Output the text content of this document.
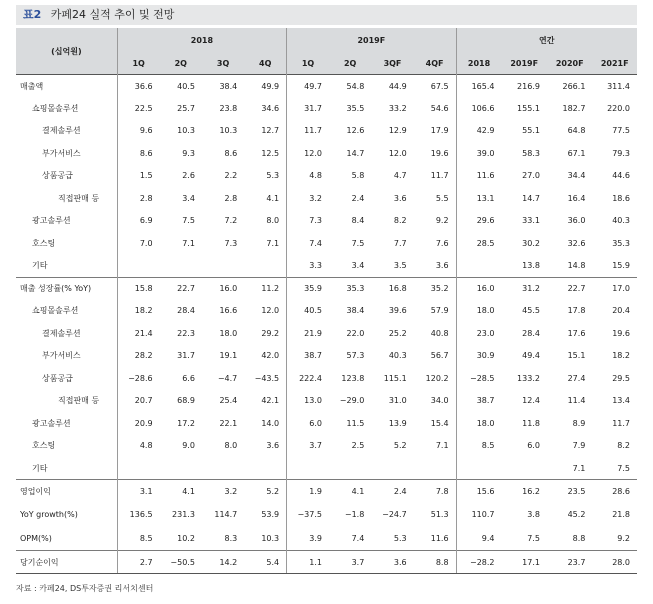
표2 카페24 실적 추이 및 전망
(십억원)	2018				2019F				연간			
	1Q	2Q	3Q	4Q	1Q	2Q	3QF	4QF	2018	2019F	2020F	2021F
매출액	36.6	40.5	38.4	49.9	49.7	54.8	44.9	67.5	165.4	216.9	266.1	311.4
쇼핑몰솔루션	22.5	25.7	23.8	34.6	31.7	35.5	33.2	54.6	106.6	155.1	182.7	220.0
결제솔루션	9.6	10.3	10.3	12.7	11.7	12.6	12.9	17.9	42.9	55.1	64.8	77.5
부가서비스	8.6	9.3	8.6	12.5	12.0	14.7	12.0	19.6	39.0	58.3	67.1	79.3
상품공급	1.5	2.6	2.2	5.3	4.8	5.8	4.7	11.7	11.6	27.0	34.4	44.6
직접판매 등	2.8	3.4	2.8	4.1	3.2	2.4	3.6	5.5	13.1	14.7	16.4	18.6
광고솔루션	6.9	7.5	7.2	8.0	7.3	8.4	8.2	9.2	29.6	33.1	36.0	40.3
호스팅	7.0	7.1	7.3	7.1	7.4	7.5	7.7	7.6	28.5	30.2	32.6	35.3
기타					3.3	3.4	3.5	3.6		13.8	14.8	15.9
매출 성장률(% YoY)	15.8	22.7	16.0	11.2	35.9	35.3	16.8	35.2	16.0	31.2	22.7	17.0
쇼핑몰솔루션	18.2	28.4	16.6	12.0	40.5	38.4	39.6	57.9	18.0	45.5	17.8	20.4
결제솔루션	21.4	22.3	18.0	29.2	21.9	22.0	25.2	40.8	23.0	28.4	17.6	19.6
부가서비스	28.2	31.7	19.1	42.0	38.7	57.3	40.3	56.7	30.9	49.4	15.1	18.2
상품공급	−28.6	6.6	−4.7	−43.5	222.4	123.8	115.1	120.2	−28.5	133.2	27.4	29.5
직접판매 등	20.7	68.9	25.4	42.1	13.0	−29.0	31.0	34.0	38.7	12.4	11.4	13.4
광고솔루션	20.9	17.2	22.1	14.0	6.0	11.5	13.9	15.4	18.0	11.8	8.9	11.7
호스팅	4.8	9.0	8.0	3.6	3.7	2.5	5.2	7.1	8.5	6.0	7.9	8.2
기타											7.1	7.5
영업이익	3.1	4.1	3.2	5.2	1.9	4.1	2.4	7.8	15.6	16.2	23.5	28.6
YoY growth(%)	136.5	231.3	114.7	53.9	−37.5	−1.8	−24.7	51.3	110.7	3.8	45.2	21.8
OPM(%)	8.5	10.2	8.3	10.3	3.9	7.4	5.3	11.6	9.4	7.5	8.8	9.2
당기순이익	2.7	−50.5	14.2	5.4	1.1	3.7	3.6	8.8	−28.2	17.1	23.7	28.0
자료 : 카페24, DS투자증권 리서치센터
